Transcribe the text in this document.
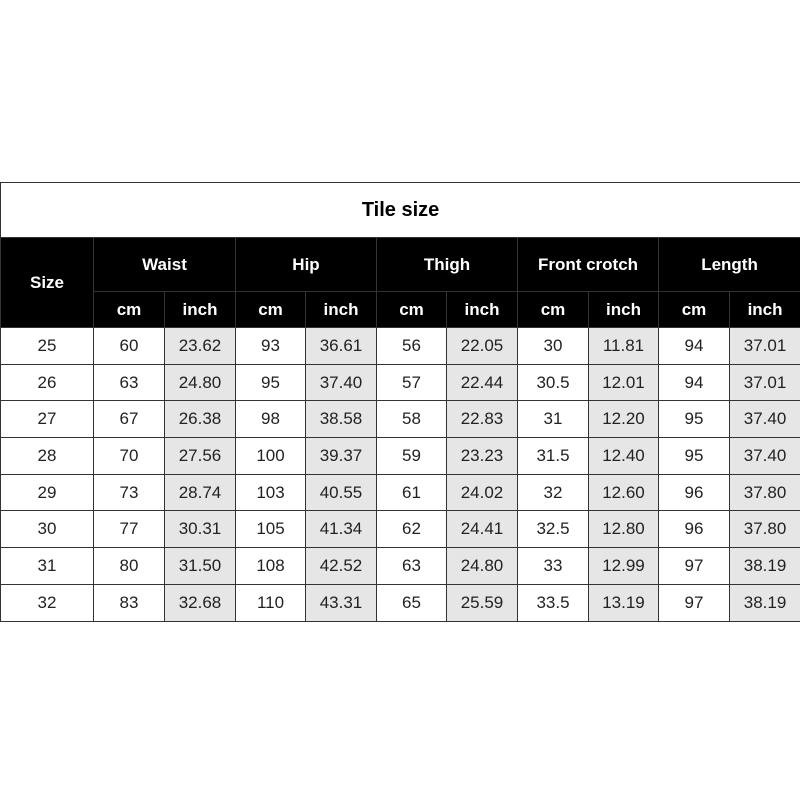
Tile size										
Size	Waist		Hip		Thigh		Front crotch		Length	
	cm	inch	cm	inch	cm	inch	cm	inch	cm	inch
25	60	23.62	93	36.61	56	22.05	30	11.81	94	37.01
26	63	24.80	95	37.40	57	22.44	30.5	12.01	94	37.01
27	67	26.38	98	38.58	58	22.83	31	12.20	95	37.40
28	70	27.56	100	39.37	59	23.23	31.5	12.40	95	37.40
29	73	28.74	103	40.55	61	24.02	32	12.60	96	37.80
30	77	30.31	105	41.34	62	24.41	32.5	12.80	96	37.80
31	80	31.50	108	42.52	63	24.80	33	12.99	97	38.19
32	83	32.68	110	43.31	65	25.59	33.5	13.19	97	38.19
